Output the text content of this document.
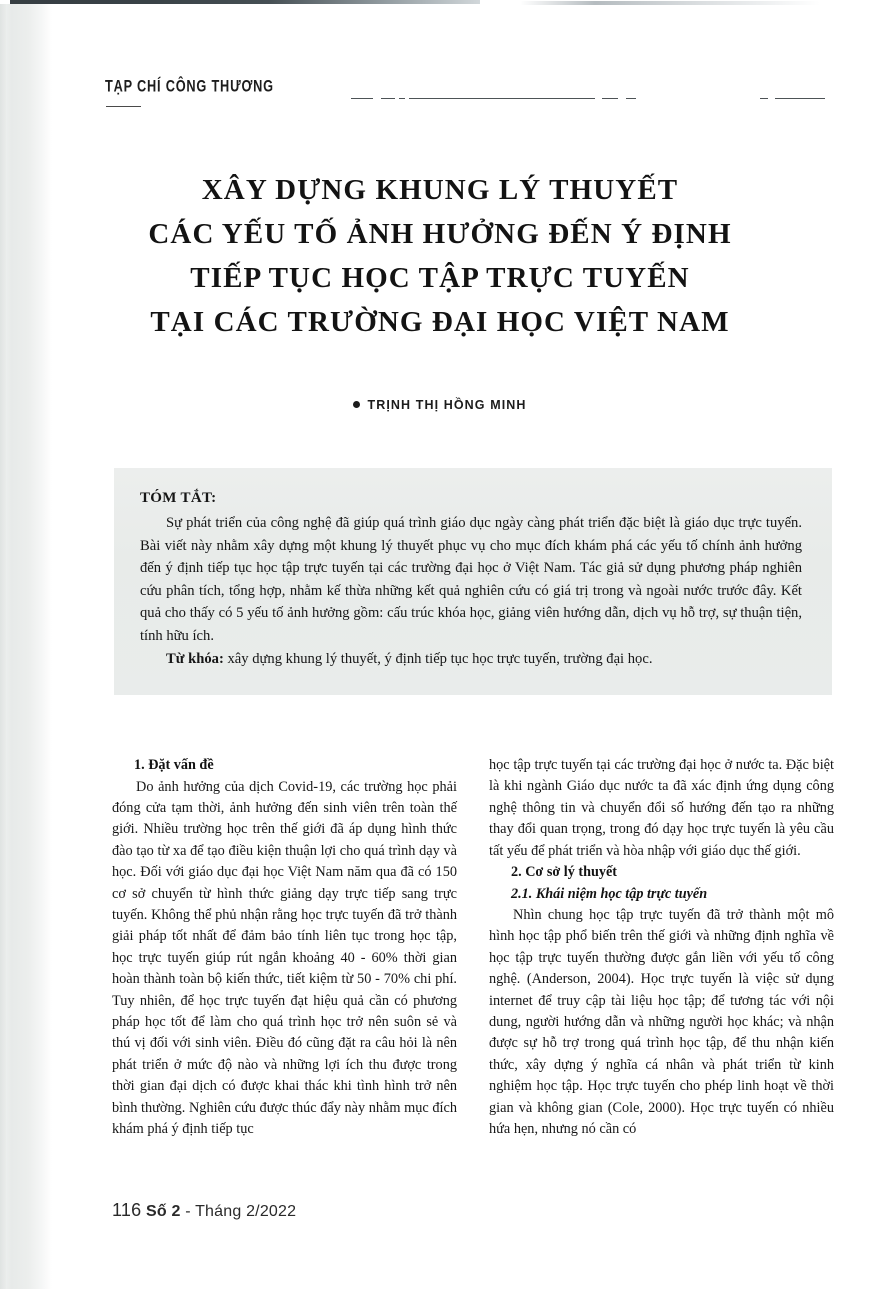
TẠP CHÍ CÔNG THƯƠNG
XÂY DỰNG KHUNG LÝ THUYẾT
CÁC YẾU TỐ ẢNH HƯỞNG ĐẾN Ý ĐỊNH
TIẾP TỤC HỌC TẬP TRỰC TUYẾN
TẠI CÁC TRƯỜNG ĐẠI HỌC VIỆT NAM
TRỊNH THỊ HỒNG MINH
TÓM TẮT:

Sự phát triển của công nghệ đã giúp quá trình giáo dục ngày càng phát triển đặc biệt là giáo dục trực tuyến. Bài viết này nhằm xây dựng một khung lý thuyết phục vụ cho mục đích khám phá các yếu tố chính ảnh hưởng đến ý định tiếp tục học tập trực tuyến tại các trường đại học ở Việt Nam. Tác giả sử dụng phương pháp nghiên cứu phân tích, tổng hợp, nhằm kế thừa những kết quả nghiên cứu có giá trị trong và ngoài nước trước đây. Kết quả cho thấy có 5 yếu tố ảnh hưởng gồm: cấu trúc khóa học, giảng viên hướng dẫn, dịch vụ hỗ trợ, sự thuận tiện, tính hữu ích.

Từ khóa: xây dựng khung lý thuyết, ý định tiếp tục học trực tuyến, trường đại học.

1. Đặt vấn đề

Do ảnh hưởng của dịch Covid-19, các trường học phải đóng cửa tạm thời, ảnh hưởng đến sinh viên trên toàn thế giới. Nhiều trường học trên thế giới đã áp dụng hình thức đào tạo từ xa để tạo điều kiện thuận lợi cho quá trình dạy và học. Đối với giáo dục đại học Việt Nam năm qua đã có 150 cơ sở chuyển từ hình thức giảng dạy trực tiếp sang trực tuyến. Không thể phủ nhận rằng học trực tuyến đã trở thành giải pháp tốt nhất để đảm bảo tính liên tục trong học tập, học trực tuyến giúp rút ngắn khoảng 40 - 60% thời gian hoàn thành toàn bộ kiến thức, tiết kiệm từ 50 - 70% chi phí. Tuy nhiên, để học trực tuyến đạt hiệu quả cần có phương pháp học tốt để làm cho quá trình học trở nên suôn sẻ và thú vị đối với sinh viên. Điều đó cũng đặt ra câu hỏi là nên phát triển ở mức độ nào và những lợi ích thu được trong thời gian đại dịch có được khai thác khi tình hình trở nên bình thường. Nghiên cứu được thúc đẩy này nhằm mục đích khám phá ý định tiếp tục

học tập trực tuyến tại các trường đại học ở nước ta. Đặc biệt là khi ngành Giáo dục nước ta đã xác định ứng dụng công nghệ thông tin và chuyển đổi số hướng đến tạo ra những thay đổi quan trọng, trong đó dạy học trực tuyến là yêu cầu tất yếu để phát triển và hòa nhập với giáo dục thế giới.

2. Cơ sở lý thuyết

2.1. Khái niệm học tập trực tuyến

Nhìn chung học tập trực tuyến đã trở thành một mô hình học tập phổ biến trên thế giới và những định nghĩa về học tập trực tuyến thường được gắn liền với yếu tố công nghệ. (Anderson, 2004). Học trực tuyến là việc sử dụng internet để truy cập tài liệu học tập; để tương tác với nội dung, người hướng dẫn và những người học khác; và nhận được sự hỗ trợ trong quá trình học tập, để thu nhận kiến thức, xây dựng ý nghĩa cá nhân và phát triển từ kinh nghiệm học tập. Học trực tuyến cho phép linh hoạt về thời gian và không gian (Cole, 2000). Học trực tuyến có nhiều hứa hẹn, nhưng nó cần có

116 Số 2 - Tháng 2/2022
